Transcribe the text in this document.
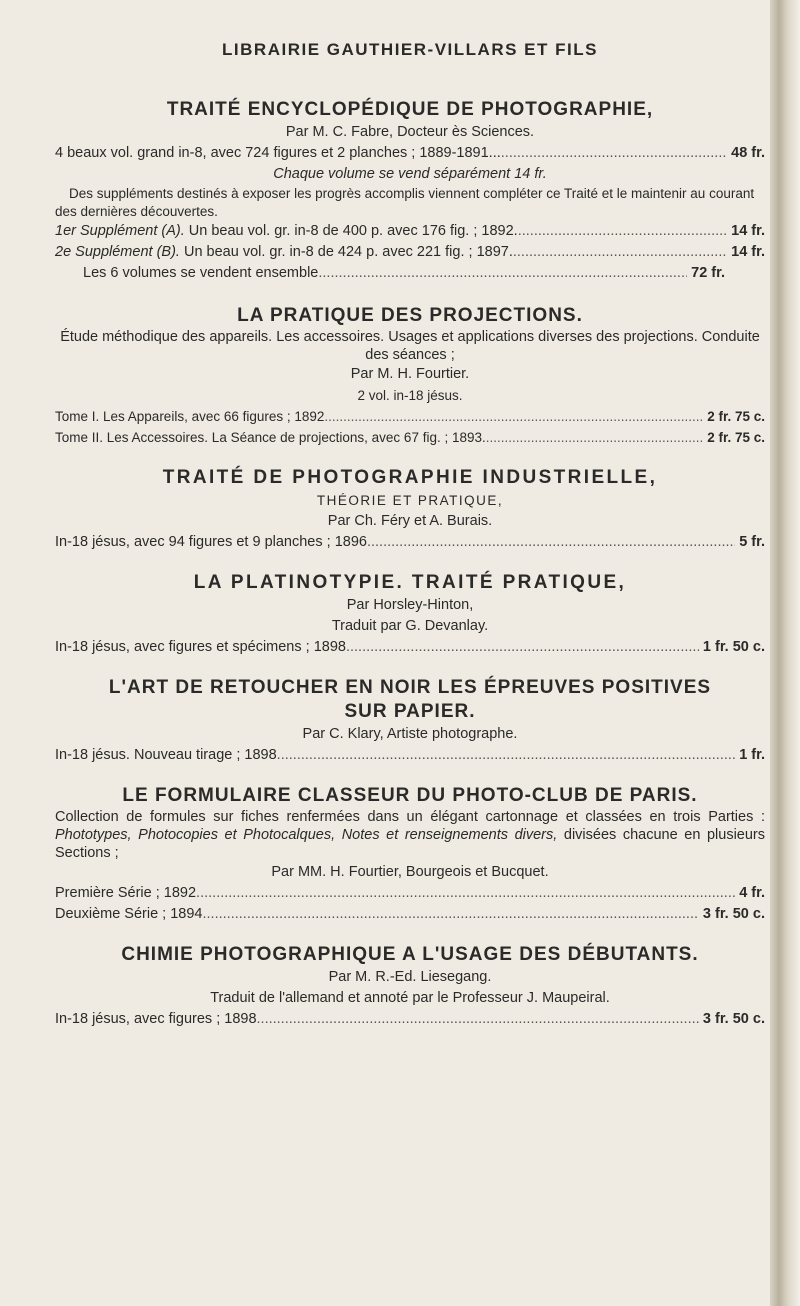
LIBRAIRIE GAUTHIER-VILLARS ET FILS
TRAITÉ ENCYCLOPÉDIQUE DE PHOTOGRAPHIE,
Par M. C. Fabre, Docteur ès Sciences.
4 beaux vol. grand in-8, avec 724 figures et 2 planches ; 1889-1891... .....	48 fr.
Chaque volume se vend séparément 14 fr.
Des suppléments destinés à exposer les progrès accomplis viennent compléter ce Traité et le maintenir au courant des dernières découvertes.
1er Supplément (A).
Un beau vol. gr. in-8 de 400 p. avec 176 fig. ; 1892. .....	14 fr.
2e Supplément (B).
Un beau vol. gr. in-8 de 424 p. avec 221 fig. ; 1897. .....	14 fr.
Les 6 volumes se vendent ensemble .....	72 fr.
LA PRATIQUE DES PROJECTIONS.
Étude méthodique des appareils. Les accessoires. Usages et applications diverses des projections. Conduite des séances ;
Par M. H. Fourtier.
2 vol. in-18 jésus.
Tome I. Les Appareils, avec 66 figures ; 1892 .....	2 fr. 75 c.
Tome II. Les Accessoires. La Séance de projections, avec 67 fig. ; 1893. .....	2 fr. 75 c.
TRAITÉ DE PHOTOGRAPHIE INDUSTRIELLE,
THÉORIE ET PRATIQUE,
Par Ch. Féry et A. Burais.
In-18 jésus, avec 94 figures et 9 planches ; 1896 .....	5 fr.
LA PLATINOTYPIE. TRAITÉ PRATIQUE,
Par Horsley-Hinton,
Traduit par G. Devanlay.
In-18 jésus, avec figures et spécimens ; 1898 .....	1 fr. 50 c.
L'ART DE RETOUCHER EN NOIR LES ÉPREUVES POSITIVES
SUR PAPIER.
Par C. Klary, Artiste photographe.
In-18 jésus. Nouveau tirage ; 1898 .....	1 fr.
LE FORMULAIRE CLASSEUR DU PHOTO-CLUB DE PARIS.
Collection de formules sur fiches renfermées dans un élégant cartonnage et classées en trois Parties : Phototypes, Photocopies et Photocalques, Notes et renseignements divers, divisées chacune en plusieurs Sections ;
Par MM. H. Fourtier, Bourgeois et Bucquet.
Première Série ; 1892 .....	4 fr.
Deuxième Série ; 1894 .....	3 fr. 50 c.
CHIMIE PHOTOGRAPHIQUE A L'USAGE DES DÉBUTANTS.
Par M. R.-Ed. Liesegang.
Traduit de l'allemand et annoté par le Professeur J. Maupeiral.
In-18 jésus, avec figures ; 1898 .....	3 fr. 50 c.
